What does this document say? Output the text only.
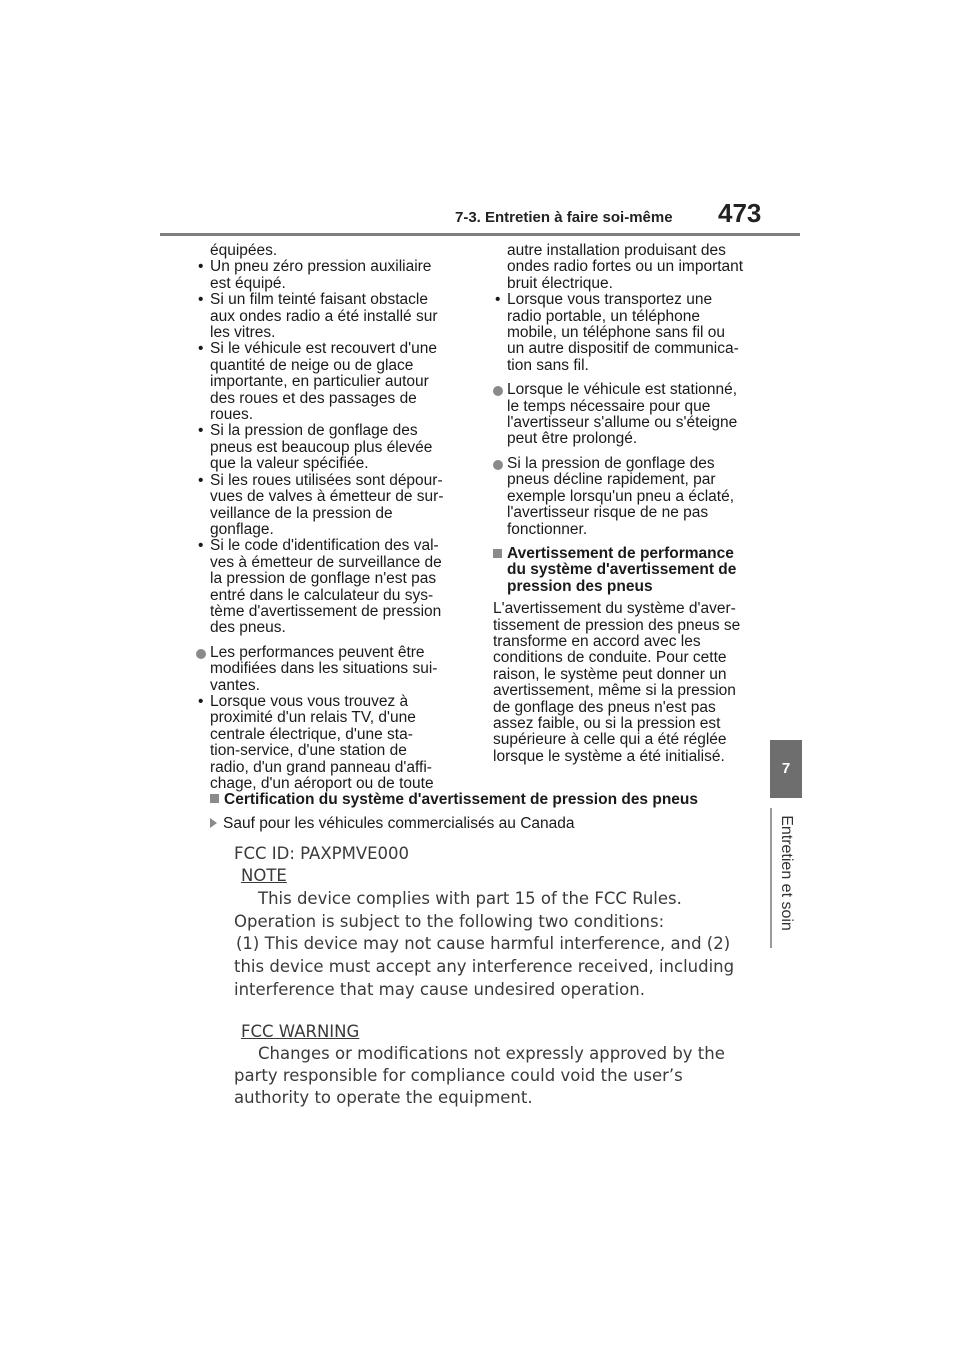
7-3. Entretien à faire soi-même 473
7
Entretien et soin

équipées.

• Un pneu zéro pression auxiliaire
est équipé.
• Si un film teinté faisant obstacle
aux ondes radio a été installé sur
les vitres.
• Si le véhicule est recouvert d'une
quantité de neige ou de glace
importante, en particulier autour
des roues et des passages de
roues.
• Si la pression de gonflage des
pneus est beaucoup plus élevée
que la valeur spécifiée.
• Si les roues utilisées sont dépour-
vues de valves à émetteur de sur-
veillance de la pression de
gonflage.
• Si le code d'identification des val-
ves à émetteur de surveillance de
la pression de gonflage n'est pas
entré dans le calculateur du sys-
tème d'avertissement de pression
des pneus.
Les performances peuvent être
modifiées dans les situations sui-
vantes.
• Lorsque vous vous trouvez à
proximité d'un relais TV, d'une
centrale électrique, d'une sta-
tion-service, d'une station de
radio, d'un grand panneau d'affi-
chage, d'un aéroport ou de toute
autre installation produisant des
ondes radio fortes ou un important
bruit électrique.
• Lorsque vous transportez une
radio portable, un téléphone
mobile, un téléphone sans fil ou
un autre dispositif de communica-
tion sans fil.
Lorsque le véhicule est stationné,
le temps nécessaire pour que
l'avertisseur s'allume ou s'éteigne
peut être prolongé.
Si la pression de gonflage des
pneus décline rapidement, par
exemple lorsqu'un pneu a éclaté,
l'avertisseur risque de ne pas
fonctionner.
Avertissement de performance
du système d'avertissement de
pression des pneus
L'avertissement du système d'aver-
tissement de pression des pneus se
transforme en accord avec les
conditions de conduite. Pour cette
raison, le système peut donner un
avertissement, même si la pression
de gonflage des pneus n'est pas
assez faible, ou si la pression est
supérieure à celle qui a été réglée
lorsque le système a été initialisé.
Certification du système d'avertissement de pression des pneus
Sauf pour les véhicules commercialisés au Canada
FCC ID: PAXPMVE000
NOTE
This device complies with part 15 of the FCC Rules.
Operation is subject to the following two conditions:
(1) This device may not cause harmful interference, and (2)
this device must accept any interference received, including
interference that may cause undesired operation.
FCC WARNING
Changes or modifications not expressly approved by the
party responsible for compliance could void the user’s
authority to operate the equipment.
